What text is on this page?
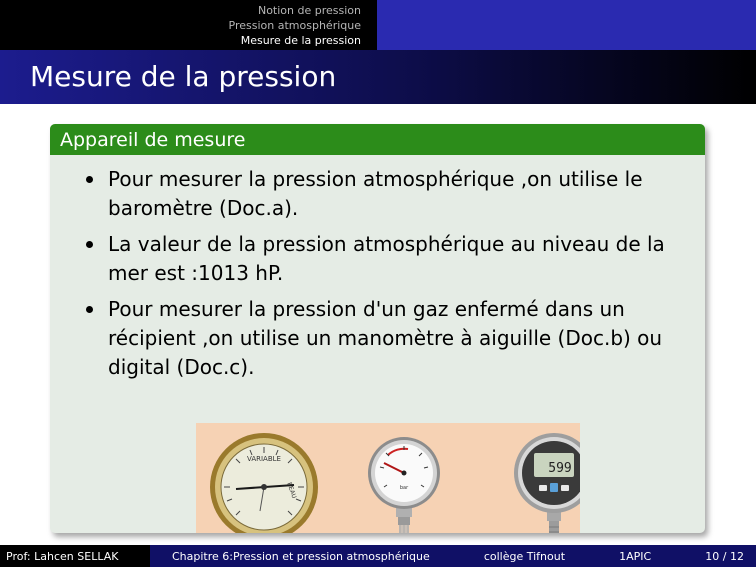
Notion de pression
Pression atmosphérique
Mesure de la pression
Mesure de la pression
Appareil de mesure
Pour mesurer la pression atmosphérique ,on utilise le baromètre (Doc.a).
La valeur de la pression atmosphérique au niveau de la mer est :1013 hP.
Pour mesurer la pression d'un gaz enfermé dans un récipient ,on utilise un manomètre à aiguille (Doc.b) ou digital (Doc.c).
VARIABLE
BEAU	bar
599
Prof: Lahcen SELLAK	Chapitre 6:Pression et pression atmosphérique	collège Tifnout	1APIC	10 / 12
